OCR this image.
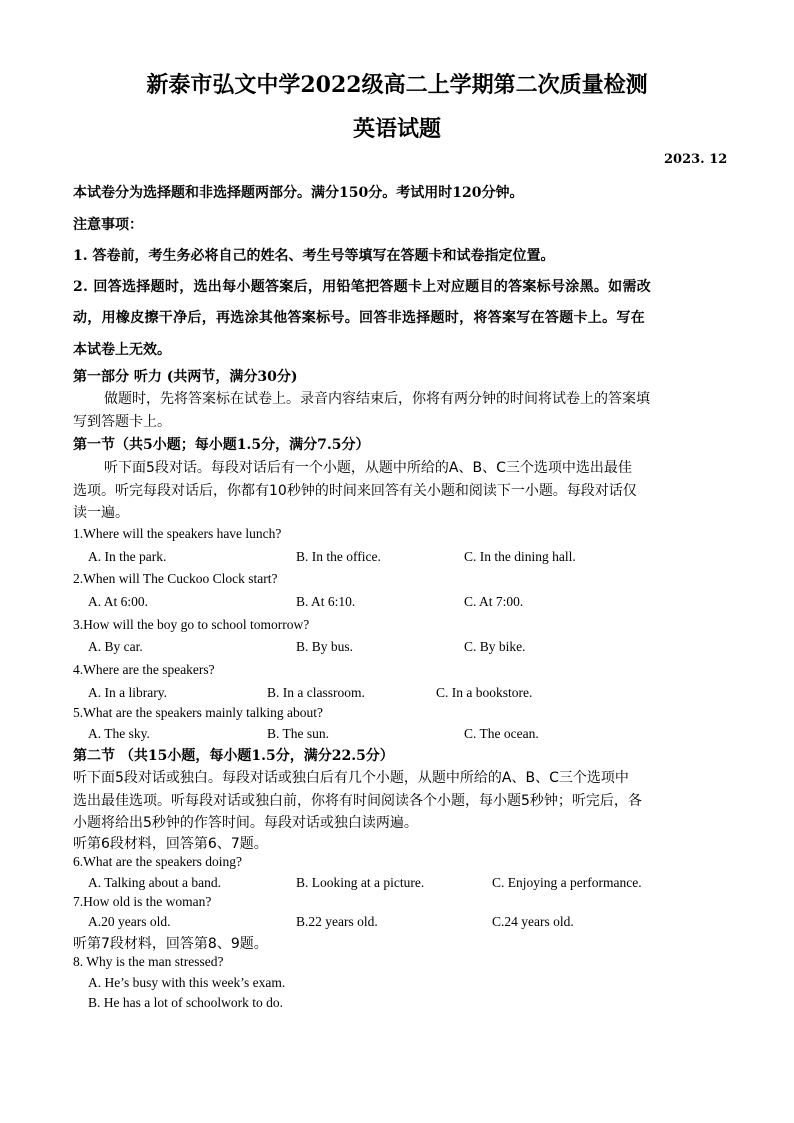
新泰市弘文中学2022级高二上学期第二次质量检测
英语试题
2023. 12
本试卷分为选择题和非选择题两部分。满分150分。考试用时120分钟。
注意事项：
1. 答卷前，考生务必将自己的姓名、考生号等填写在答题卡和试卷指定位置。
2. 回答选择题时，选出每小题答案后，用铅笔把答题卡上对应题目的答案标号涂黑。如需改
动，用橡皮擦干净后，再选涂其他答案标号。回答非选择题时，将答案写在答题卡上。写在
本试卷上无效。
第一部分 听力 (共两节，满分30分)
做题时，先将答案标在试卷上。录音内容结束后，你将有两分钟的时间将试卷上的答案填
写到答题卡上。
第一节（共5小题；每小题1.5分，满分7.5分）
听下面5段对话。每段对话后有一个小题，从题中所给的A、B、C三个选项中选出最佳
选项。听完每段对话后，你都有10秒钟的时间来回答有关小题和阅读下一小题。每段对话仅
读一遍。
1.Where will the speakers have lunch?
A. In the park.	B. In the office.	C. In the dining hall.
2.When will The Cuckoo Clock start?
A. At 6:00.	B. At 6:10.	C. At 7:00.
3.How will the boy go to school tomorrow?
A. By car.	B. By bus.	C. By bike.
4.Where are the speakers?
A. In a library.	B. In a classroom.	C. In a bookstore.
5.What are the speakers mainly talking about?
A. The sky.	B. The sun.	C. The ocean.
第二节 （共15小题，每小题1.5分，满分22.5分）
听下面5段对话或独白。每段对话或独白后有几个小题，从题中所给的A、B、C三个选项中
选出最佳选项。听每段对话或独白前，你将有时间阅读各个小题，每小题5秒钟；听完后，各
小题将给出5秒钟的作答时间。每段对话或独白读两遍。
听第6段材料，回答第6、7题。
6.What are the speakers doing?
A. Talking about a band.	B. Looking at a picture.	C. Enjoying a performance.
7.How old is the woman?
A.20 years old.	B.22 years old.	C.24 years old.
听第7段材料，回答第8、9题。
8. Why is the man stressed?
A. He’s busy with this week’s exam.
B. He has a lot of schoolwork to do.
